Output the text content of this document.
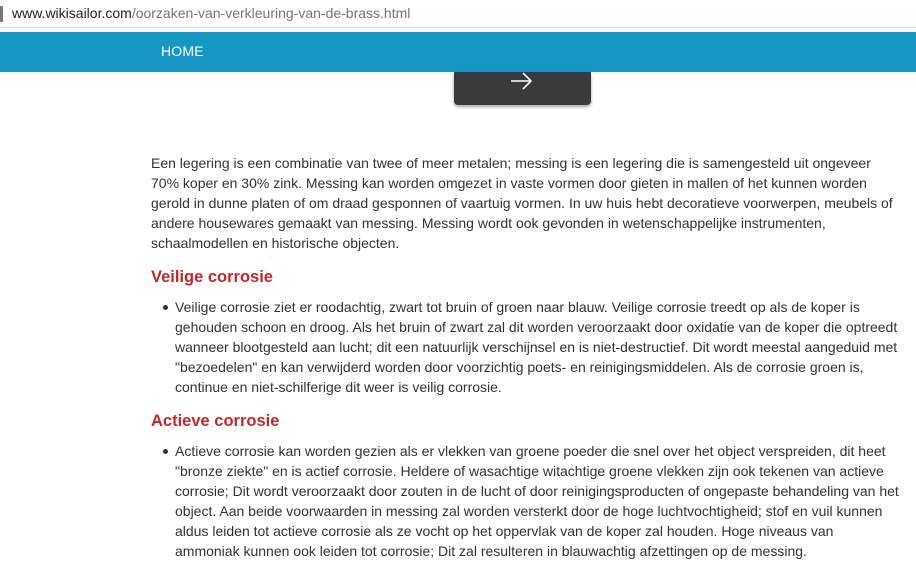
www.wikisailor.com/oorzaken-van-verkleuring-van-de-brass.html
HOME

Een legering is een combinatie van twee of meer metalen; messing is een legering die is samengesteld uit ongeveer 70% koper en 30% zink. Messing kan worden omgezet in vaste vormen door gieten in mallen of het kunnen worden gerold in dunne platen of om draad gesponnen of vaartuig vormen. In uw huis hebt decoratieve voorwerpen, meubels of andere housewares gemaakt van messing. Messing wordt ook gevonden in wetenschappelijke instrumenten, schaalmodellen en historische objecten.

Veilige corrosie
Veilige corrosie ziet er roodachtig, zwart tot bruin of groen naar blauw. Veilige corrosie treedt op als de koper is gehouden schoon en droog. Als het bruin of zwart zal dit worden veroorzaakt door oxidatie van de koper die optreedt wanneer blootgesteld aan lucht; dit een natuurlijk verschijnsel en is niet-destructief. Dit wordt meestal aangeduid met "bezoedelen" en kan verwijderd worden door voorzichtig poets- en reinigingsmiddelen. Als de corrosie groen is, continue en niet-schilferige dit weer is veilig corrosie.
Actieve corrosie
Actieve corrosie kan worden gezien als er vlekken van groene poeder die snel over het object verspreiden, dit heet "bronze ziekte" en is actief corrosie. Heldere of wasachtige witachtige groene vlekken zijn ook tekenen van actieve corrosie; Dit wordt veroorzaakt door zouten in de lucht of door reinigingsproducten of ongepaste behandeling van het object. Aan beide voorwaarden in messing zal worden versterkt door de hoge luchtvochtigheid; stof en vuil kunnen aldus leiden tot actieve corrosie als ze vocht op het oppervlak van de koper zal houden. Hoge niveaus van ammoniak kunnen ook leiden tot corrosie; Dit zal resulteren in blauwachtig afzettingen op de messing.
